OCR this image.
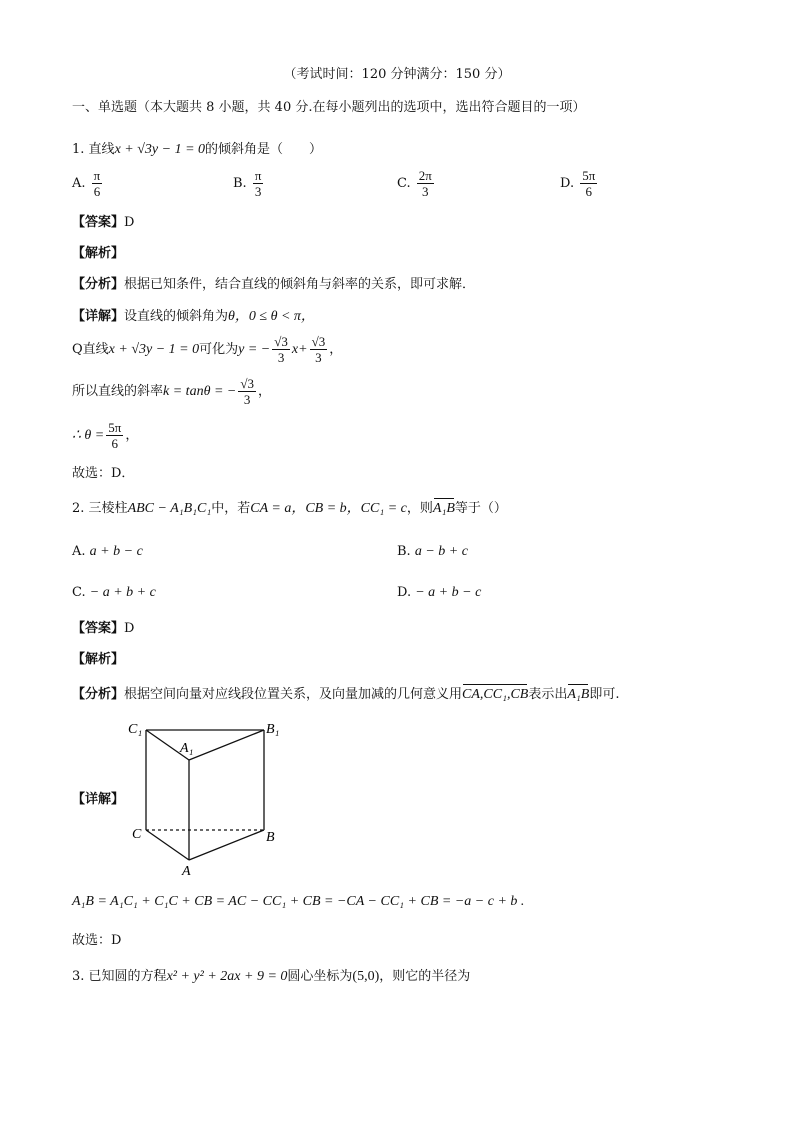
（考试时间：120 分钟满分：150 分）
一、单选题（本大题共 8 小题，共 40 分.在每小题列出的选项中，选出符合题目的一项）
1. 直线x + √3y − 1 = 0的倾斜角是（　　）
A. $\frac{\pi}{6}$	B. $\frac{\pi}{3}$	C. $\frac{2\pi}{3}$	D. $\frac{5\pi}{6}$
【答案】D
【解析】
【分析】根据已知条件，结合直线的倾斜角与斜率的关系，即可求解．
【详解】设直线的倾斜角为θ，0 ≤ θ < π，
Q直线x + √3y − 1 = 0可化为y = − $\frac{√3}{3} x+ \frac{√3}{3}$ ，
所以直线的斜率k = tanθ = − $\frac{√3}{3}$ ，
∴ $\theta = \frac{5\pi}{6}$ ，
故选：D．
2. 三棱柱ABC − A₁B₁C₁中，若CA = a，CB = b，CC₁ = c，则A₁B等于（）
A. a + b − c	B. a − b + c
C. − a + b + c	D. − a + b − c
【答案】D
【解析】
【分析】根据空间向量对应线段位置关系，及向量加减的几何意义用CA,CC₁,CB表示出A₁B即可.
【详解】
C₁	B₁
A₁
C	B
A
A₁B = A₁C₁ + C₁C + CB = AC − CC₁ + CB = −CA − CC₁ + CB = −a − c + b .
故选：D
3. 已知圆的方程x² + y² + 2ax + 9 = 0圆心坐标为(5,0)，则它的半径为
